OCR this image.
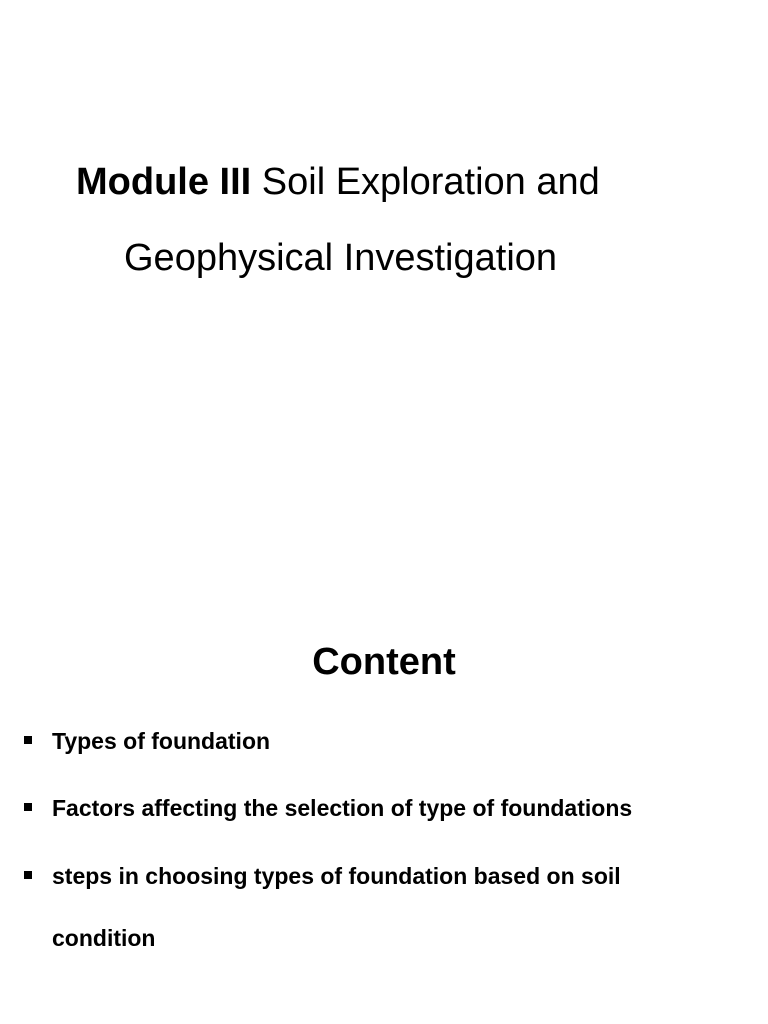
Module III Soil Exploration and
Geophysical Investigation
Content
Types of foundation
Factors affecting the selection of type of foundations
steps in choosing types of foundation based on soil condition
